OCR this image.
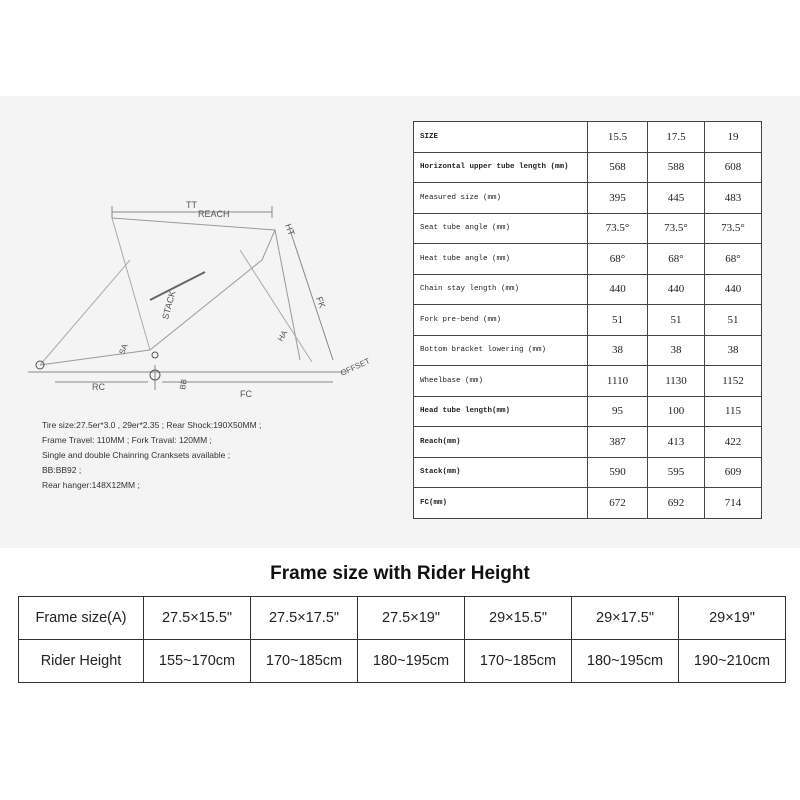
TT
REACH
HT
STACK	FK
SA
HA
OFFSET
RC	BB
FC
Tire size:27.5er*3.0 , 29er*2.35 ; Rear Shock:190X50MM ;
Frame Travel: 110MM ; Fork Traval: 120MM ;
Single and double Chainring Cranksets available ;
BB:BB92 ;
Rear hanger:148X12MM ;
SIZE	15.5	17.5	19
Horizontal upper tube length (mm)	568	588	608
Measured size (mm)	395	445	483
Seat tube angle (mm)	73.5°	73.5°	73.5°
Heat tube angle (mm)	68°	68°	68°
Chain stay length (mm)	440	440	440
Fork pre-bend (mm)	51	51	51
Bottom bracket lowering (mm)	38	38	38
Wheelbase (mm)	1110	1130	1152
Head tube length(mm)	95	100	115
Reach(mm)	387	413	422
Stack(mm)	590	595	609
FC(mm)	672	692	714
Frame size with Rider Height
Frame size(A)	27.5×15.5"	27.5×17.5"	27.5×19"	29×15.5"	29×17.5"	29×19"
Rider Height	155~170cm	170~185cm	180~195cm	170~185cm	180~195cm	190~210cm
